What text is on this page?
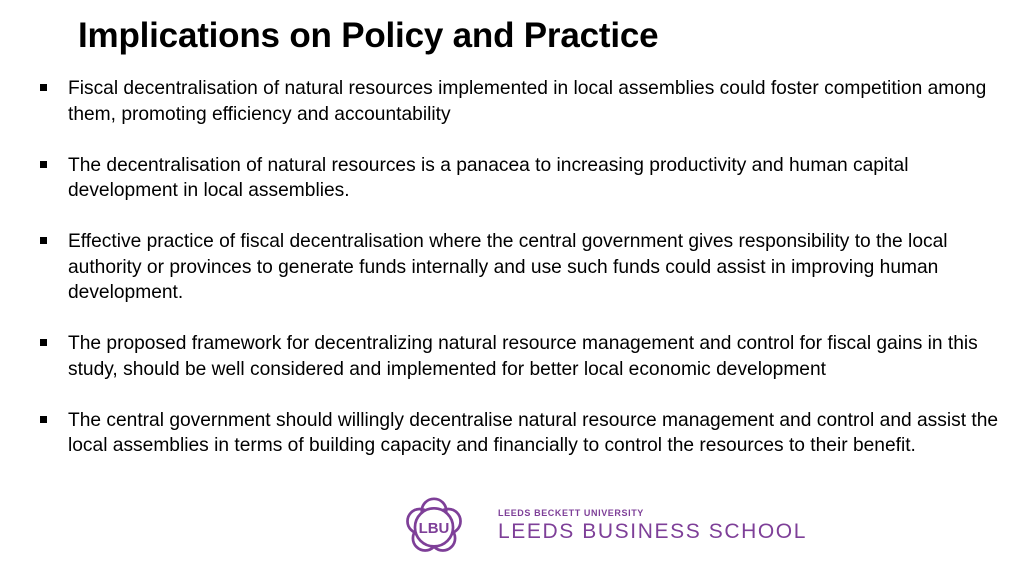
Implications on Policy and Practice
Fiscal decentralisation of natural resources implemented in local assemblies could foster competition among them, promoting efficiency and accountability
The decentralisation of natural resources is a panacea to increasing productivity and human capital development in local assemblies.
Effective practice of fiscal decentralisation where the central government gives responsibility to the local authority or provinces to generate funds internally and use such funds could assist in improving human development.
The proposed framework for decentralizing natural resource management and control for fiscal gains in this study, should be well considered and implemented for better local economic development
The central government should willingly decentralise natural resource management and control and assist the local assemblies in terms of building capacity and financially to control the resources to their benefit.
LBU
LEEDS BECKETT UNIVERSITY
LEEDS BUSINESS SCHOOL
